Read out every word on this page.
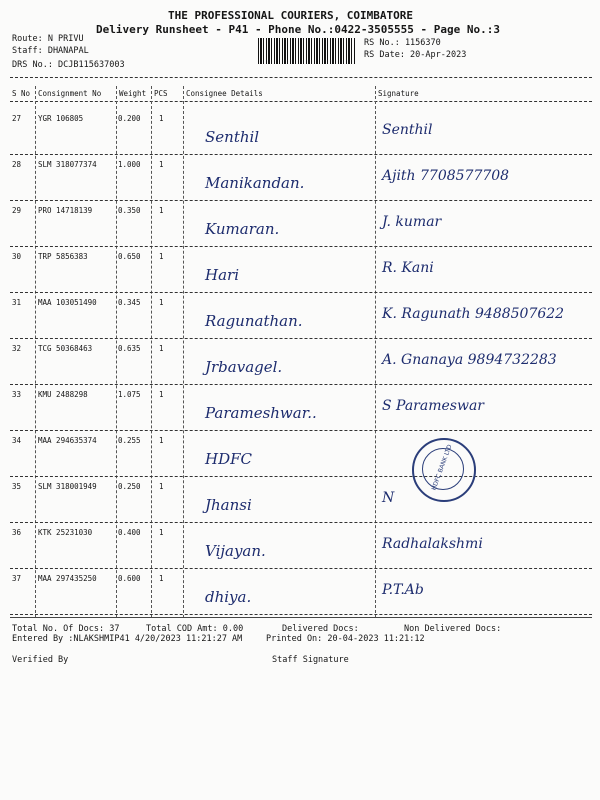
THE PROFESSIONAL COURIERS, COIMBATORE
Delivery Runsheet - P41 - Phone No.:0422-3505555 - Page No.:3
Route: N PRIVU
Staff: DHANAPAL
DRS No.: DCJB115637003
RS No.: 1156370
RS Date: 20-Apr-2023
S No Consignment No Weight PCS Consignee Details	Signature
27 YGR 106805	0.200 1
Senthil	Senthil
28 SLM 318077374	1.000 1
Manikandan.	Ajith 7708577708
29 PRO 14718139	0.350 1
Kumaran.	J. kumar
30 TRP 5856383	0.650 1
Hari	R. Kani
31 MAA 103051490	0.345 1
Ragunathan.	K. Ragunath 9488507622
32 TCG 50368463	0.635 1
Jrbavagel.	A. Gnanaya 9894732283
33 KMU 2488298	1.075 1
Parameshwar..	S Parameswar
34 MAA 294635374	0.255 1
HDFC
35 SLM 318001949	0.250 1
Jhansi	N
36 KTK 25231030	0.400 1
Vijayan.	Radhalakshmi
37 MAA 297435250	0.600 1
dhiya.	P.T.Ab
HDFC BANK LTD
Total No. Of Docs: 37	Total COD Amt: 0.00	Delivered Docs:	Non Delivered Docs:
Entered By :NLAKSHMIP41 4/20/2023 11:21:27 AM	Printed On: 20-04-2023 11:21:12
Verified By	Staff Signature
